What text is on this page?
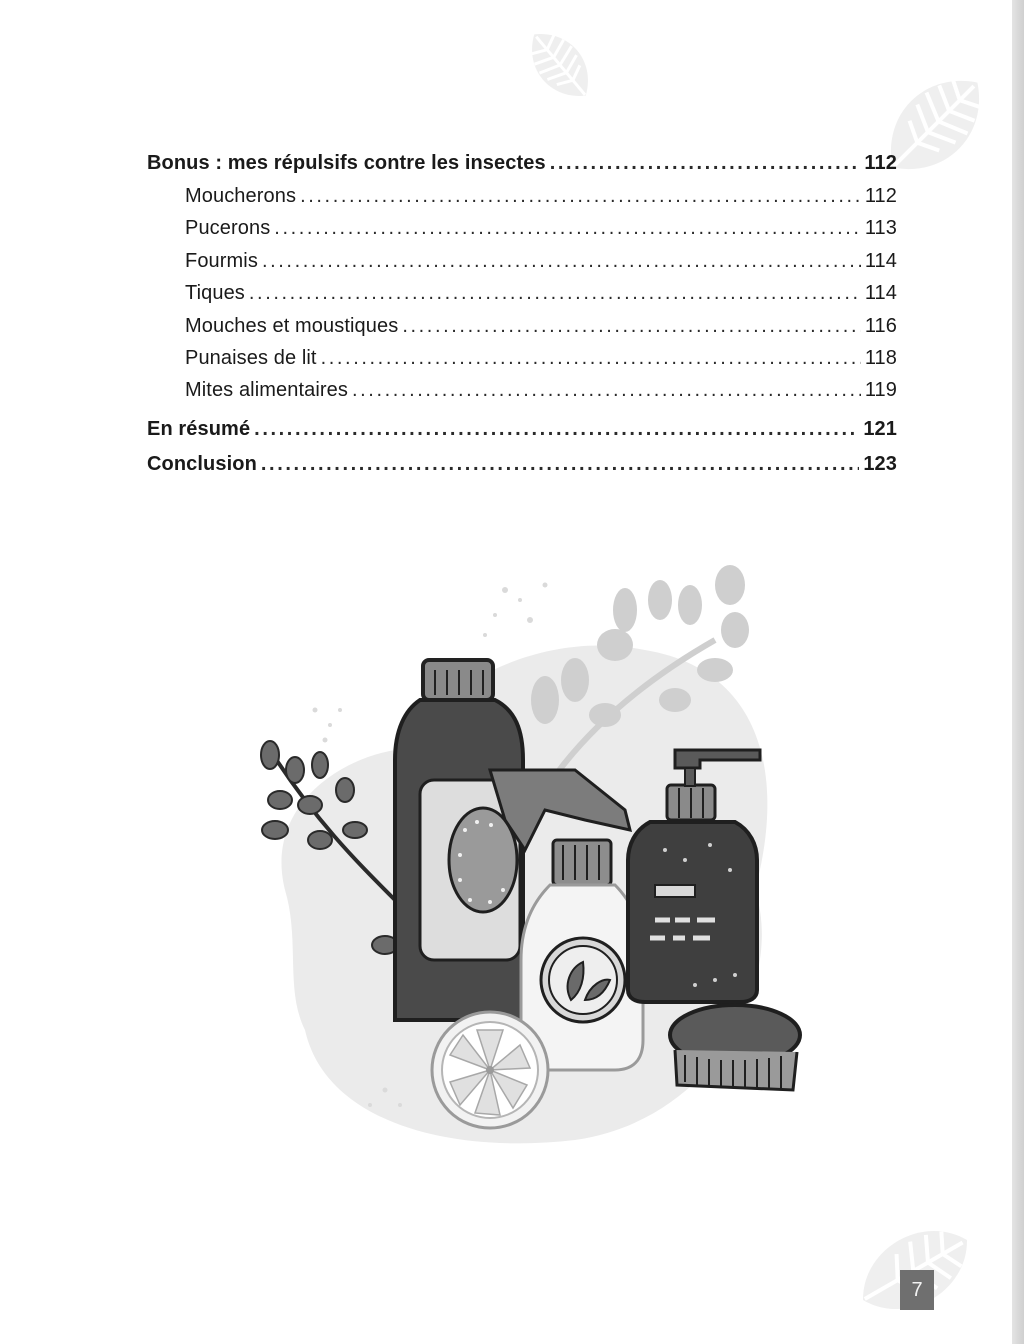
Bonus : mes répulsifs contre les insectes .....	112
Moucherons .....	112
Pucerons .....	113
Fourmis .....	114
Tiques .....	114
Mouches et moustiques .....	116
Punaises de lit .....	118
Mites alimentaires .....	119
En résumé .....	121
Conclusion .....	123
7
